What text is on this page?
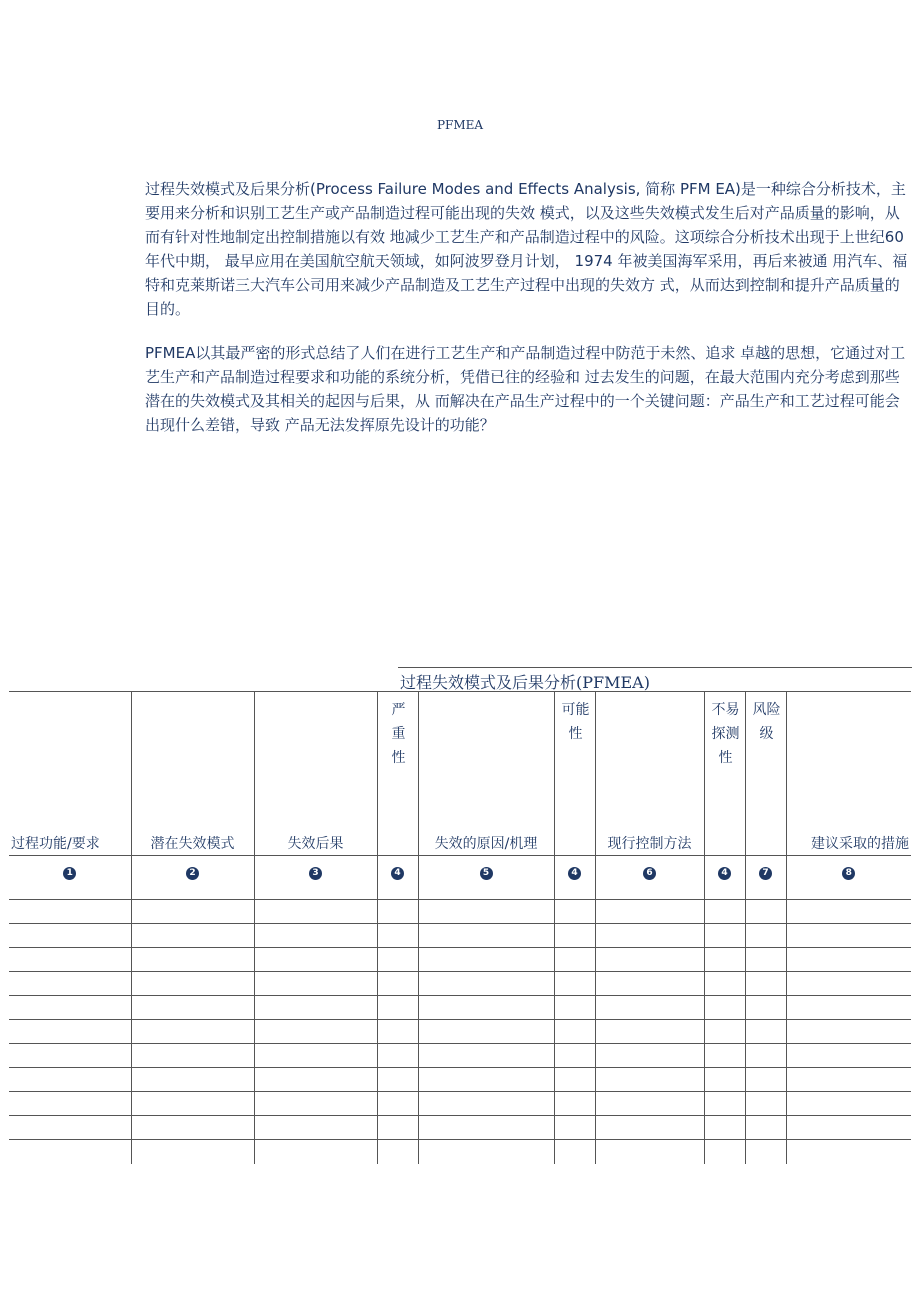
PFMEA

过程失效模式及后果分析(Process Failure Modes and Effects Analysis, 简称 PFM EA)是一种综合分析技术，主要用来分析和识别工艺生产或产品制造过程可能出现的失效 模式，以及这些失效模式发生后对产品质量的影响，从而有针对性地制定出控制措施以有效 地减少工艺生产和产品制造过程中的风险。这项综合分析技术出现于上世纪60 年代中期， 最早应用在美国航空航天领域，如阿波罗登月计划， 1974 年被美国海军采用，再后来被通 用汽车、福特和克莱斯诺三大汽车公司用来减少产品制造及工艺生产过程中出现的失效方 式，从而达到控制和提升产品质量的目的。

PFMEA以其最严密的形式总结了人们在进行工艺生产和产品制造过程中防范于未然、追求 卓越的思想，它通过对工艺生产和产品制造过程要求和功能的系统分析，凭借已往的经验和 过去发生的问题，在最大范围内充分考虑到那些潜在的失效模式及其相关的起因与后果，从 而解决在产品生产过程中的一个关键问题：产品生产和工艺过程可能会出现什么差错，导致 产品无法发挥原先设计的功能？

过程失效模式及后果分析(PFMEA)
过程功能/要求	潜在失效模式	失效后果	严重性	失效的原因/机理	可能性	现行控制方法	不易探测性	风险级	建议采取的措施
1	2	3	4	5	4	6	4	7	8
